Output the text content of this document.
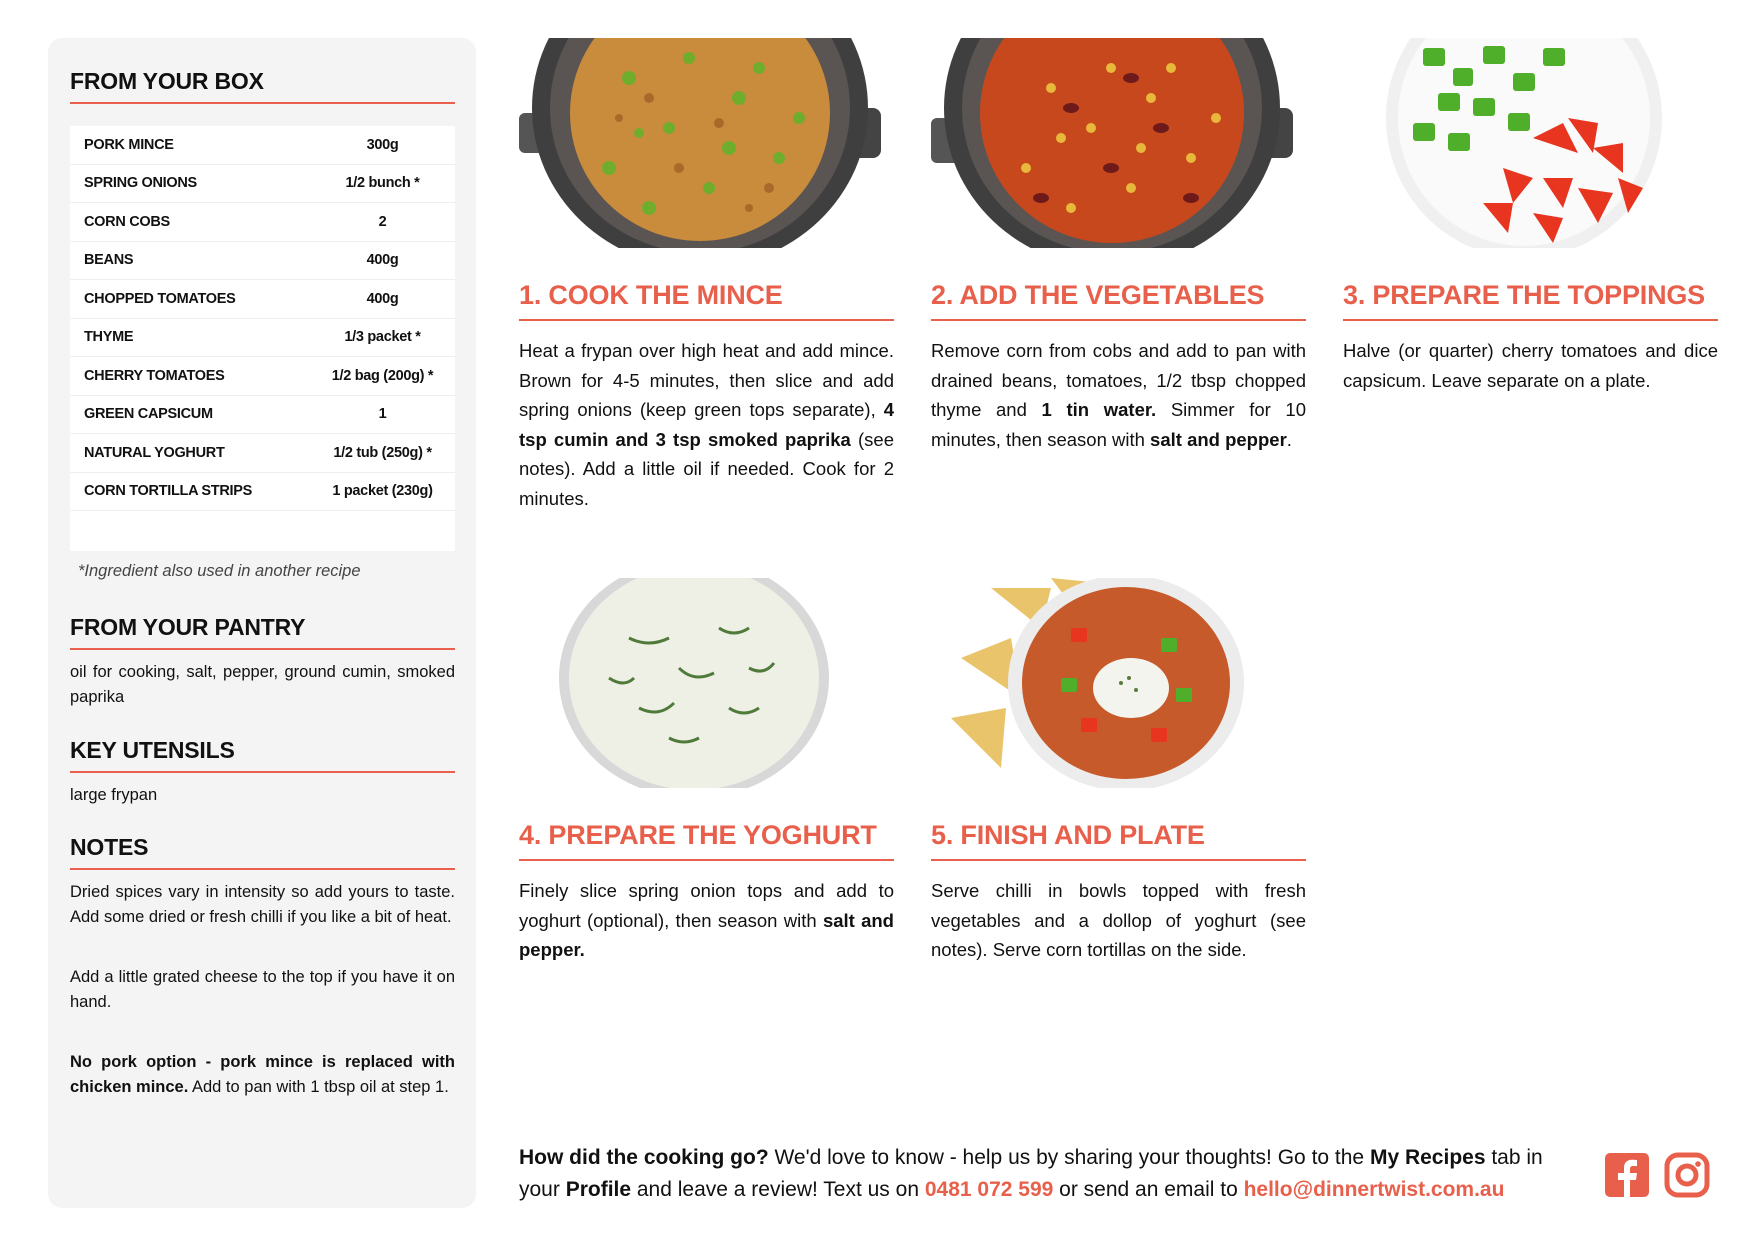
FROM YOUR BOX
PORK MINCE	300g
SPRING ONIONS	1/2 bunch *
CORN COBS	2
BEANS	400g
CHOPPED TOMATOES	400g
THYME	1/3 packet *
CHERRY TOMATOES	1/2 bag (200g) *
GREEN CAPSICUM	1
NATURAL YOGHURT	1/2 tub (250g) *
CORN TORTILLA STRIPS	1 packet (230g)
*Ingredient also used in another recipe
FROM YOUR PANTRY

oil for cooking, salt, pepper, ground cumin, smoked paprika

KEY UTENSILS

large frypan

NOTES

Dried spices vary in intensity so add yours to taste. Add some dried or fresh chilli if you like a bit of heat.

Add a little grated cheese to the top if you have it on hand.

No pork option - pork mince is replaced with chicken mince. Add to pan with 1 tbsp oil at step 1.

1. COOK THE MINCE

Heat a frypan over high heat and add mince. Brown for 4-5 minutes, then slice and add spring onions (keep green tops separate), 4 tsp cumin and 3 tsp smoked paprika (see notes). Add a little oil if needed. Cook for 2 minutes.

2. ADD THE VEGETABLES

Remove corn from cobs and add to pan with drained beans, tomatoes, 1/2 tbsp chopped thyme and 1 tin water. Simmer for 10 minutes, then season with salt and pepper.

3. PREPARE THE TOPPINGS

Halve (or quarter) cherry tomatoes and dice capsicum. Leave separate on a plate.

4. PREPARE THE YOGHURT

Finely slice spring onion tops and add to yoghurt (optional), then season with salt and pepper.

5. FINISH AND PLATE

Serve chilli in bowls topped with fresh vegetables and a dollop of yoghurt (see notes). Serve corn tortillas on the side.

How did the cooking go? We'd love to know - help us by sharing your thoughts! Go to the My Recipes tab in your Profile and leave a review! Text us on 0481 072 599 or send an email to hello@dinnertwist.com.au
